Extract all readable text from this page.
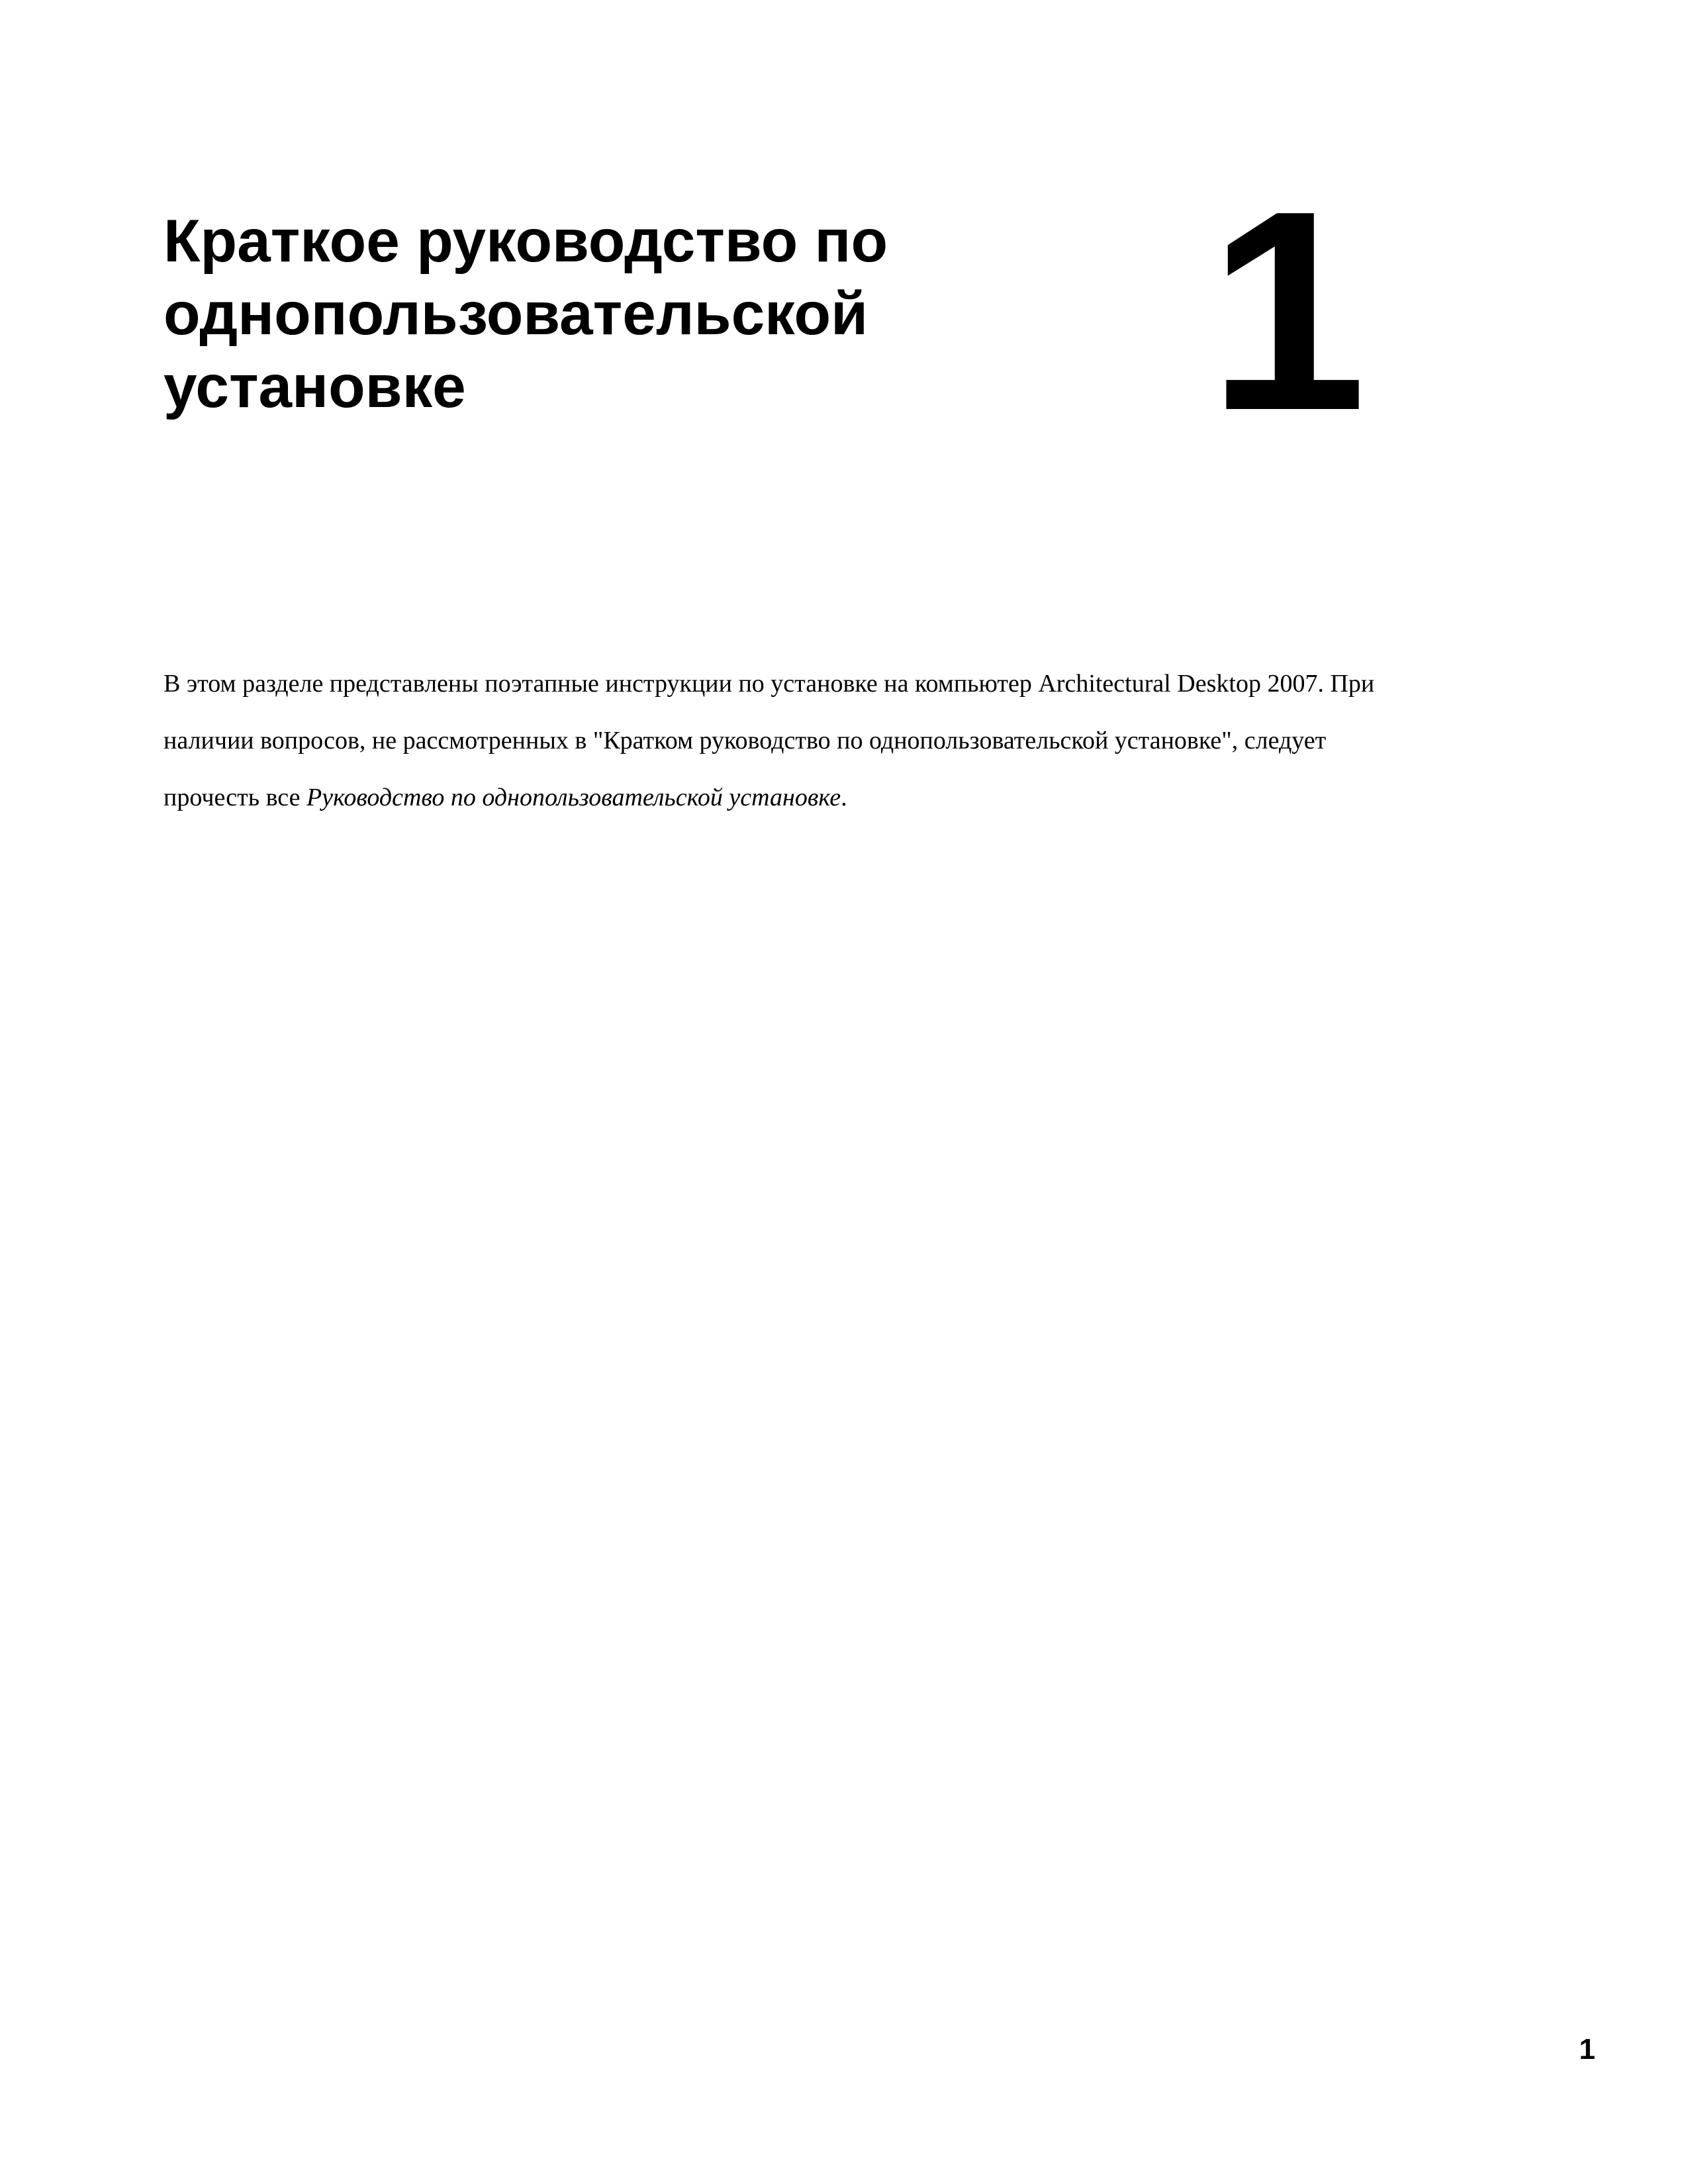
Краткое руководство по
однопользовательской
установке	1

В этом разделе представлены поэтапные инструкции по установке на компьютер Architectural Desktop 2007. При
наличии вопросов, не рассмотренных в "Кратком руководство по однопользовательской установке", следует
прочесть все Руководство по однопользовательской установке.

1
